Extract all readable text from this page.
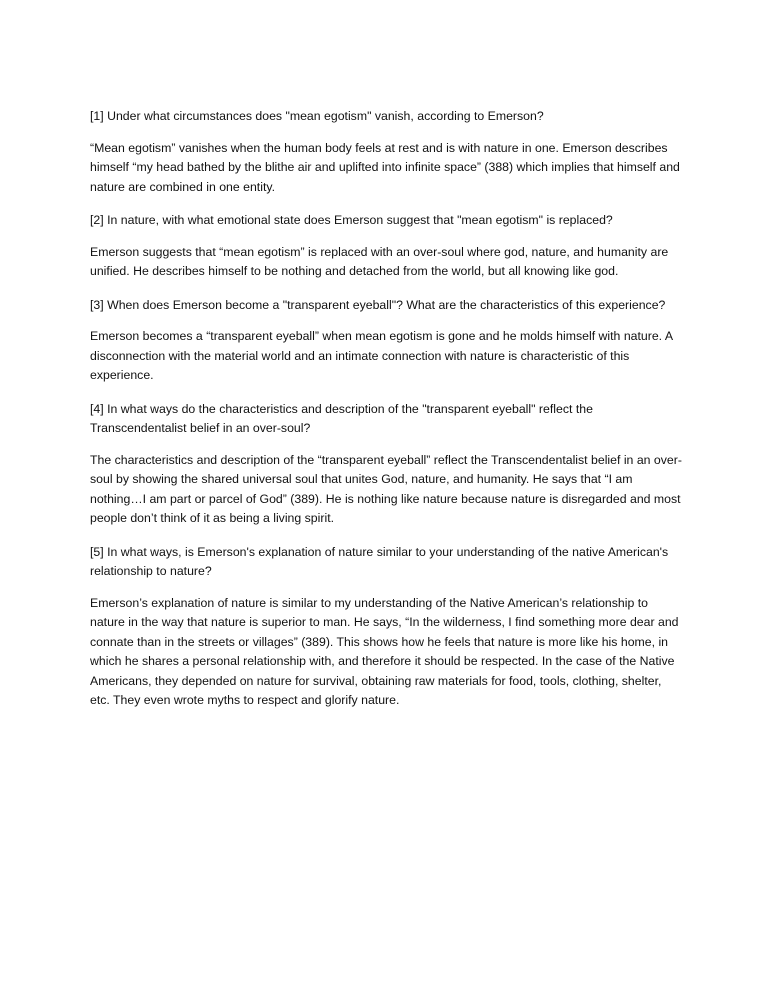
[1] Under what circumstances does "mean egotism" vanish, according to Emerson?

“Mean egotism” vanishes when the human body feels at rest and is with nature in one. Emerson describes himself “my head bathed by the blithe air and uplifted into infinite space” (388) which implies that himself and nature are combined in one entity.

[2] In nature, with what emotional state does Emerson suggest that "mean egotism" is replaced?

Emerson suggests that “mean egotism” is replaced with an over-soul where god, nature, and humanity are unified. He describes himself to be nothing and detached from the world, but all knowing like god.

[3] When does Emerson become a "transparent eyeball"? What are the characteristics of this experience?

Emerson becomes a “transparent eyeball” when mean egotism is gone and he molds himself with nature. A disconnection with the material world and an intimate connection with nature is characteristic of this experience.

[4] In what ways do the characteristics and description of the "transparent eyeball" reflect the Transcendentalist belief in an over-soul?

The characteristics and description of the “transparent eyeball” reflect the Transcendentalist belief in an over-soul by showing the shared universal soul that unites God, nature, and humanity. He says that “I am nothing…I am part or parcel of God” (389). He is nothing like nature because nature is disregarded and most people don’t think of it as being a living spirit.

[5] In what ways, is Emerson's explanation of nature similar to your understanding of the native American's relationship to nature?

Emerson’s explanation of nature is similar to my understanding of the Native American’s relationship to nature in the way that nature is superior to man. He says, “In the wilderness, I find something more dear and connate than in the streets or villages” (389). This shows how he feels that nature is more like his home, in which he shares a personal relationship with, and therefore it should be respected. In the case of the Native Americans, they depended on nature for survival, obtaining raw materials for food, tools, clothing, shelter, etc. They even wrote myths to respect and glorify nature.
